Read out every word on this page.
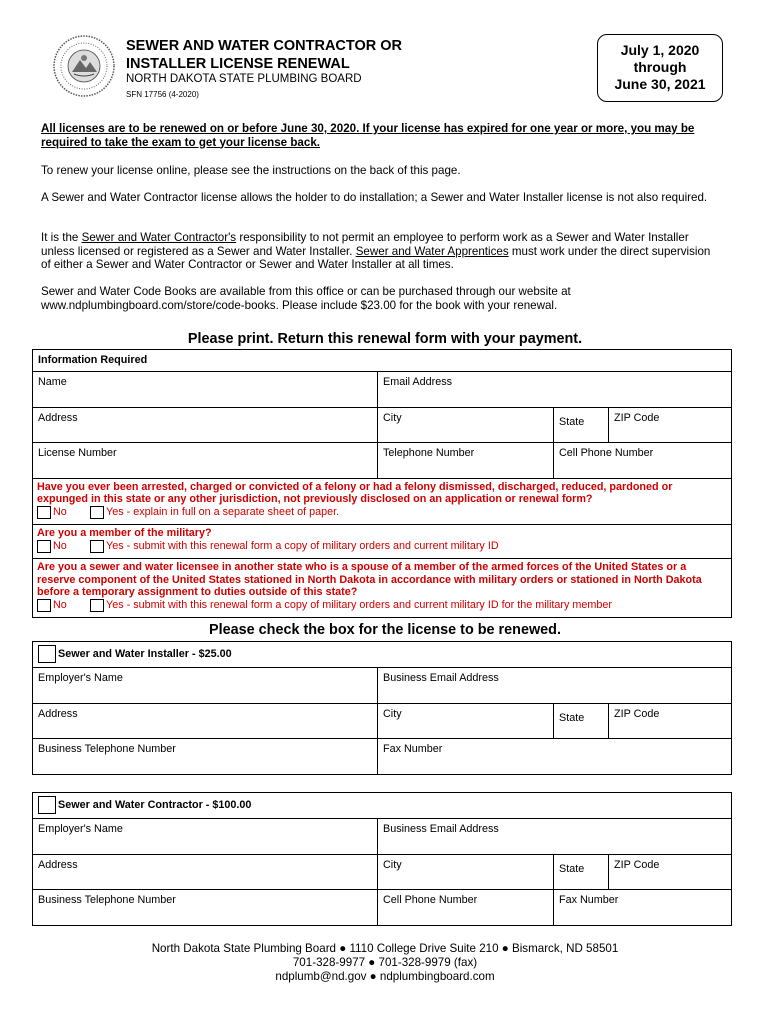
SEWER AND WATER CONTRACTOR OR
INSTALLER LICENSE RENEWAL
NORTH DAKOTA STATE PLUMBING BOARD
SFN 17756 (4-2020)
July 1, 2020
through
June 30, 2021
All licenses are to be renewed on or before June 30, 2020. If your license has expired for one year or more, you may be required to take the exam to get your license back.
To renew your license online, please see the instructions on the back of this page.
A Sewer and Water Contractor license allows the holder to do installation; a Sewer and Water Installer license is not also required.
It is the Sewer and Water Contractor's responsibility to not permit an employee to perform work as a Sewer and Water Installer unless licensed or registered as a Sewer and Water Installer. Sewer and Water Apprentices must work under the direct supervision of either a Sewer and Water Contractor or Sewer and Water Installer at all times.
Sewer and Water Code Books are available from this office or can be purchased through our website at www.ndplumbingboard.com/store/code-books. Please include $23.00 for the book with your renewal.
Please print. Return this renewal form with your payment.
Information Required			
Name	Email Address		
Address	City	State	ZIP Code
License Number	Telephone Number	Cell Phone Number	

Have you ever been arrested, charged or convicted of a felony or had a felony dismissed, discharged, reduced, pardoned or expunged in this state or any other jurisdiction, not previously disclosed on an application or renewal form?
No
Yes - explain in full on a separate sheet of paper.			

Are you a member of the military?
No
Yes - submit with this renewal form a copy of military orders and current military ID			

Are you a sewer and water licensee in another state who is a spouse of a member of the armed forces of the United States or a reserve component of the United States stationed in North Dakota in accordance with military orders or stationed in North Dakota before a temporary assignment to duties outside of this state?
No
Yes - submit with this renewal form a copy of military orders and current military ID for the military member			
Please check the box for the license to be renewed.
Sewer and Water Installer - $25.00			
Employer's Name	Business Email Address		
Address	City	State	ZIP Code
Business Telephone Number	Fax Number		
Sewer and Water Contractor - $100.00			
Employer's Name	Business Email Address		
Address	City	State	ZIP Code
Business Telephone Number	Cell Phone Number	Fax Number	
North Dakota State Plumbing Board ● 1110 College Drive Suite 210 ● Bismarck, ND 58501
701-328-9977 ● 701-328-9979 (fax)
ndplumb@nd.gov ● ndplumbingboard.com
